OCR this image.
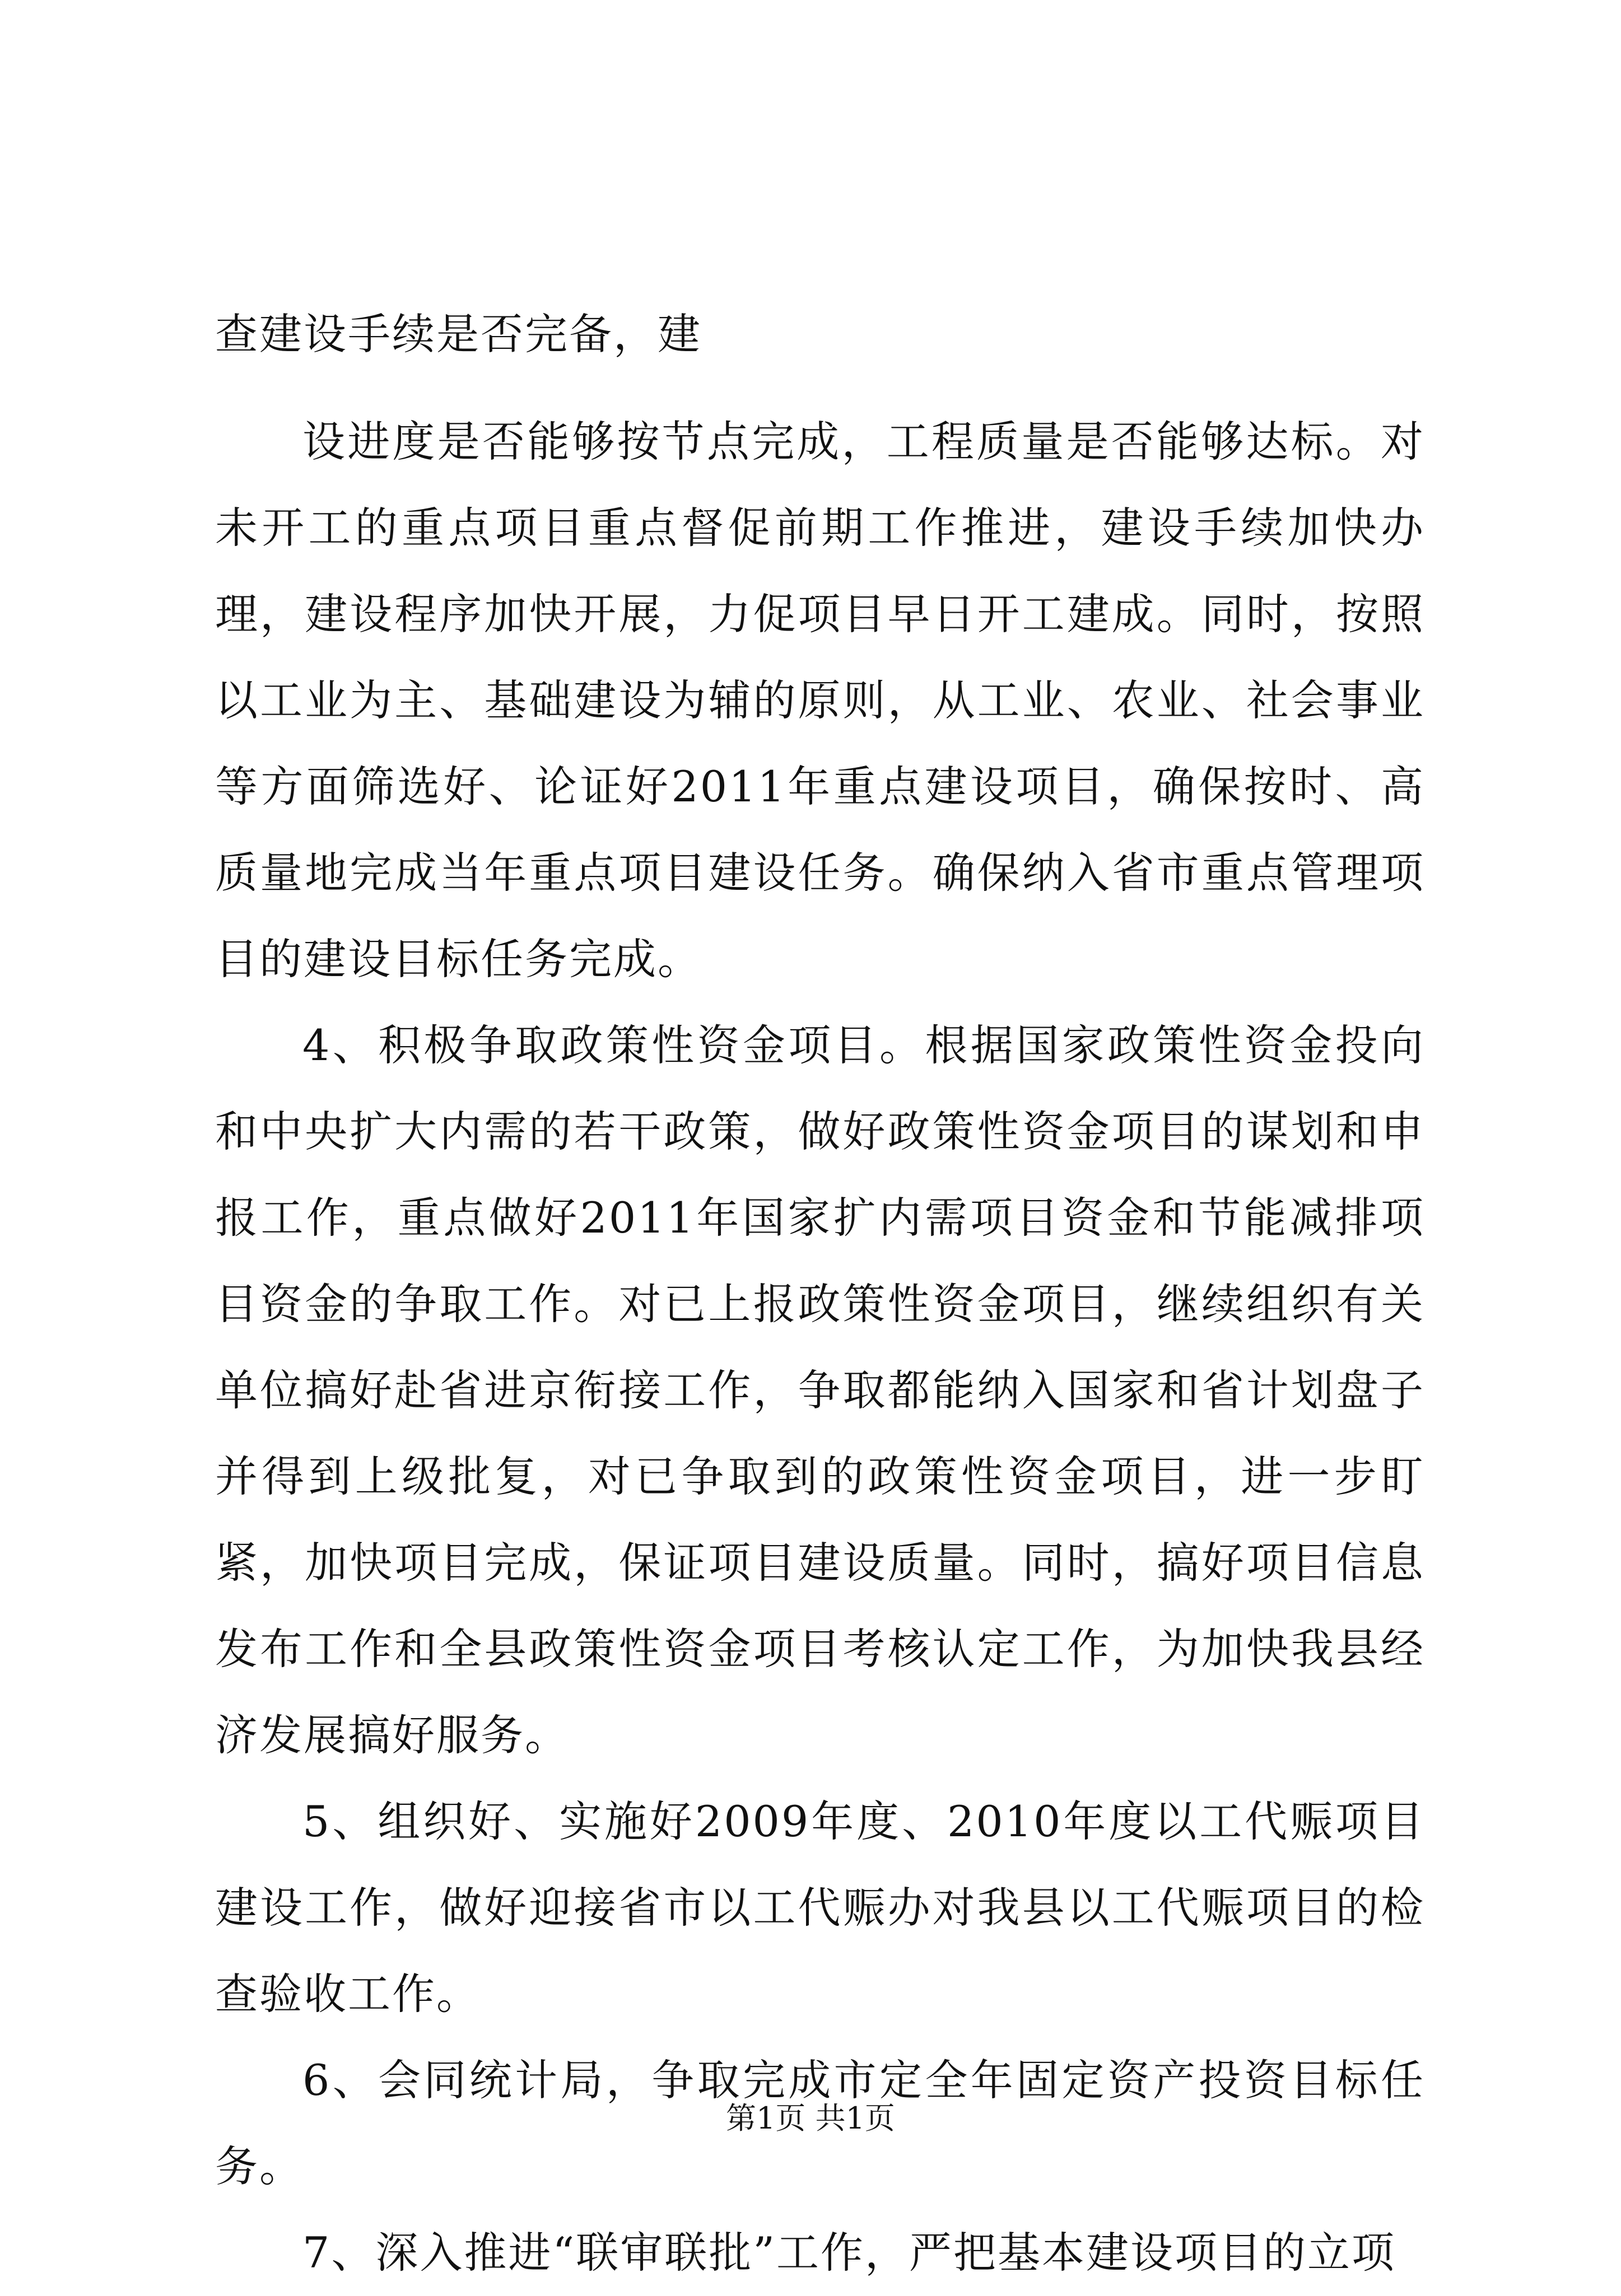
查建设手续是否完备，建

设进度是否能够按节点完成，工程质量是否能够达标。对未开工的重点项目重点督促前期工作推进，建设手续加快办理，建设程序加快开展，力促项目早日开工建成。同时，按照以工业为主、基础建设为辅的原则，从工业、农业、社会事业等方面筛选好、论证好2011年重点建设项目，确保按时、高质量地完成当年重点项目建设任务。确保纳入省市重点管理项目的建设目标任务完成。

4、积极争取政策性资金项目。根据国家政策性资金投向和中央扩大内需的若干政策，做好政策性资金项目的谋划和申报工作，重点做好2011年国家扩内需项目资金和节能减排项目资金的争取工作。对已上报政策性资金项目，继续组织有关单位搞好赴省进京衔接工作，争取都能纳入国家和省计划盘子并得到上级批复，对已争取到的政策性资金项目，进一步盯紧，加快项目完成，保证项目建设质量。同时，搞好项目信息发布工作和全县政策性资金项目考核认定工作，为加快我县经济发展搞好服务。

5、组织好、实施好2009年度、2010年度以工代赈项目建设工作，做好迎接省市以工代赈办对我县以工代赈项目的检查验收工作。

6、会同统计局，争取完成市定全年固定资产投资目标任务。

7、深入推进“联审联批”工作，严把基本建设项目的立项

第1页 共1页
